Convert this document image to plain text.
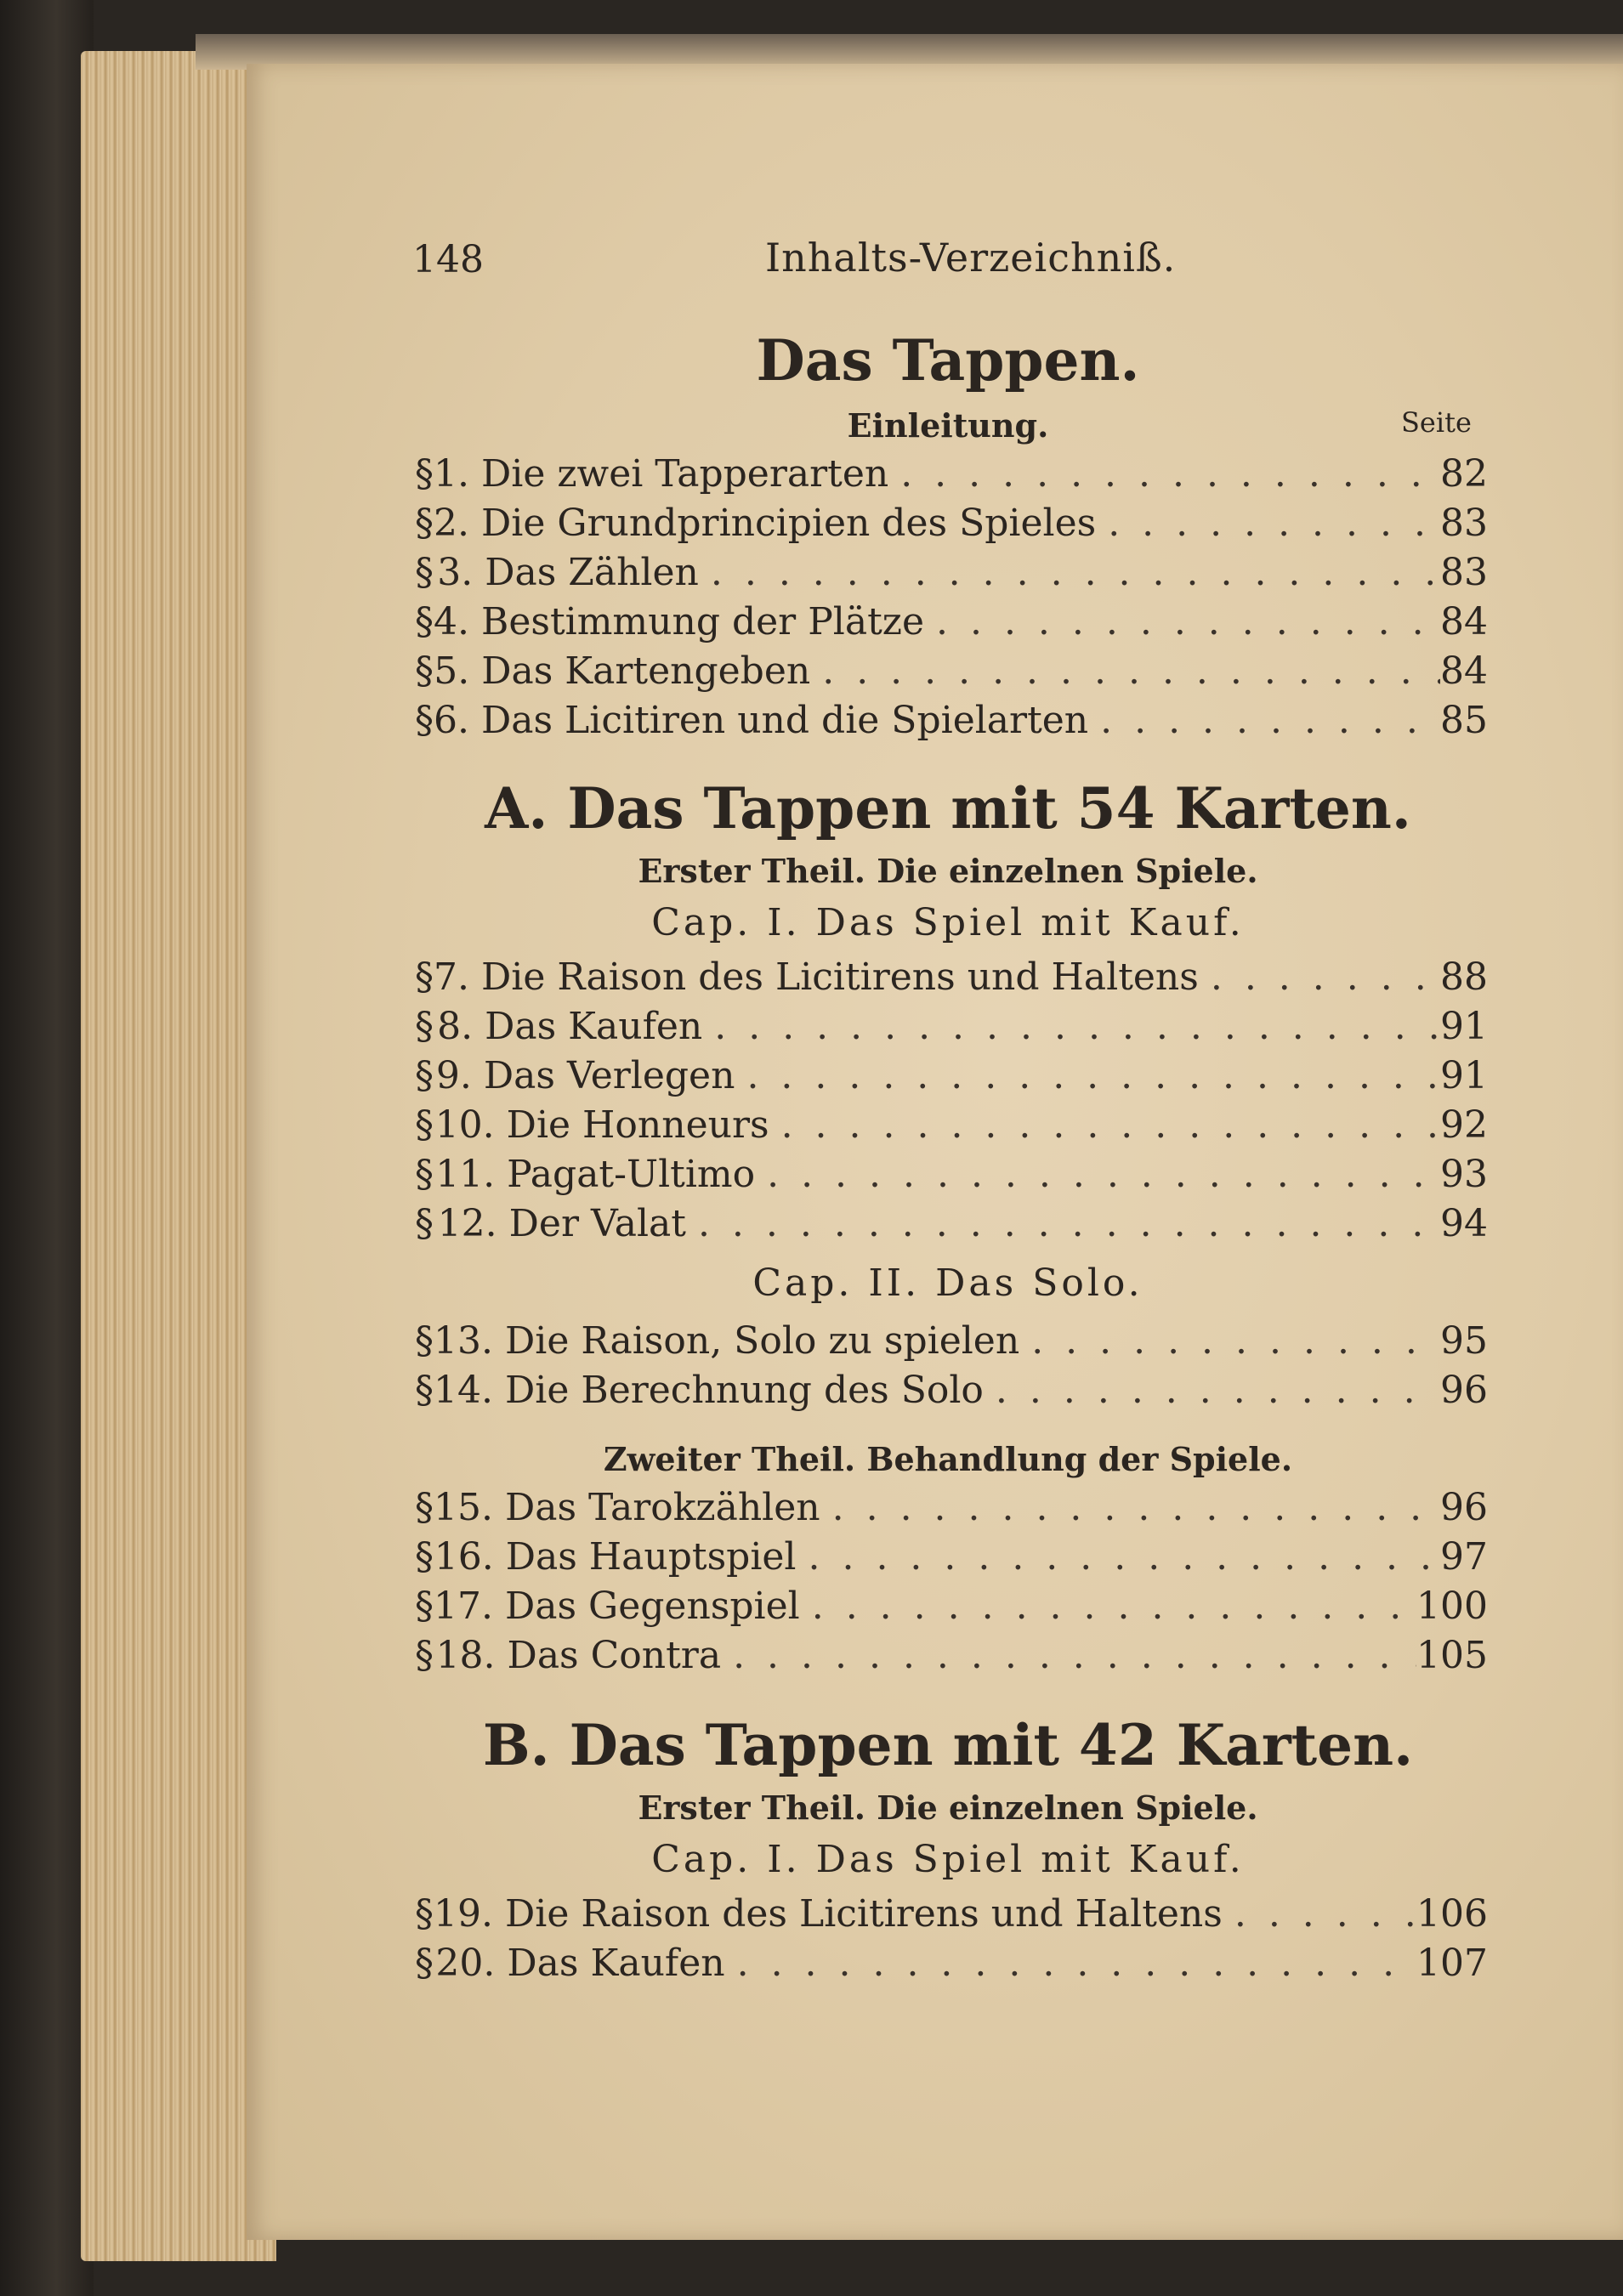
148	Inhalts-Verzeichniß.
Das Tappen.
Einleitung.	Seite
§ 1. Die zwei Tapperarten . . .	82
§ 2. Die Grundprincipien des Spieles . . .	83
§ 3. Das Zählen . . .	83
§ 4. Bestimmung der Plätze . . .	84
§ 5. Das Kartengeben . . .	84
§ 6. Das Licitiren und die Spielarten . . .	85
A. Das Tappen mit 54 Karten.
Erster Theil. Die einzelnen Spiele.
Cap. I. Das Spiel mit Kauf.
§ 7. Die Raison des Licitirens und Haltens . . .	88
§ 8. Das Kaufen . . .	91
§ 9. Das Verlegen . . .	91
§ 10. Die Honneurs . . .	92
§ 11. Pagat-Ultimo . . .	93
§ 12. Der Valat . . .	94
Cap. II. Das Solo.
§ 13. Die Raison, Solo zu spielen . . .	95
§ 14. Die Berechnung des Solo . . .	96
Zweiter Theil. Behandlung der Spiele.
§ 15. Das Tarokzählen . . .	96
§ 16. Das Hauptspiel . . .	97
§ 17. Das Gegenspiel . . .	100
§ 18. Das Contra . . .	105
B. Das Tappen mit 42 Karten.
Erster Theil. Die einzelnen Spiele.
Cap. I. Das Spiel mit Kauf.
§ 19. Die Raison des Licitirens und Haltens . . .	106
§ 20. Das Kaufen . . .	107
